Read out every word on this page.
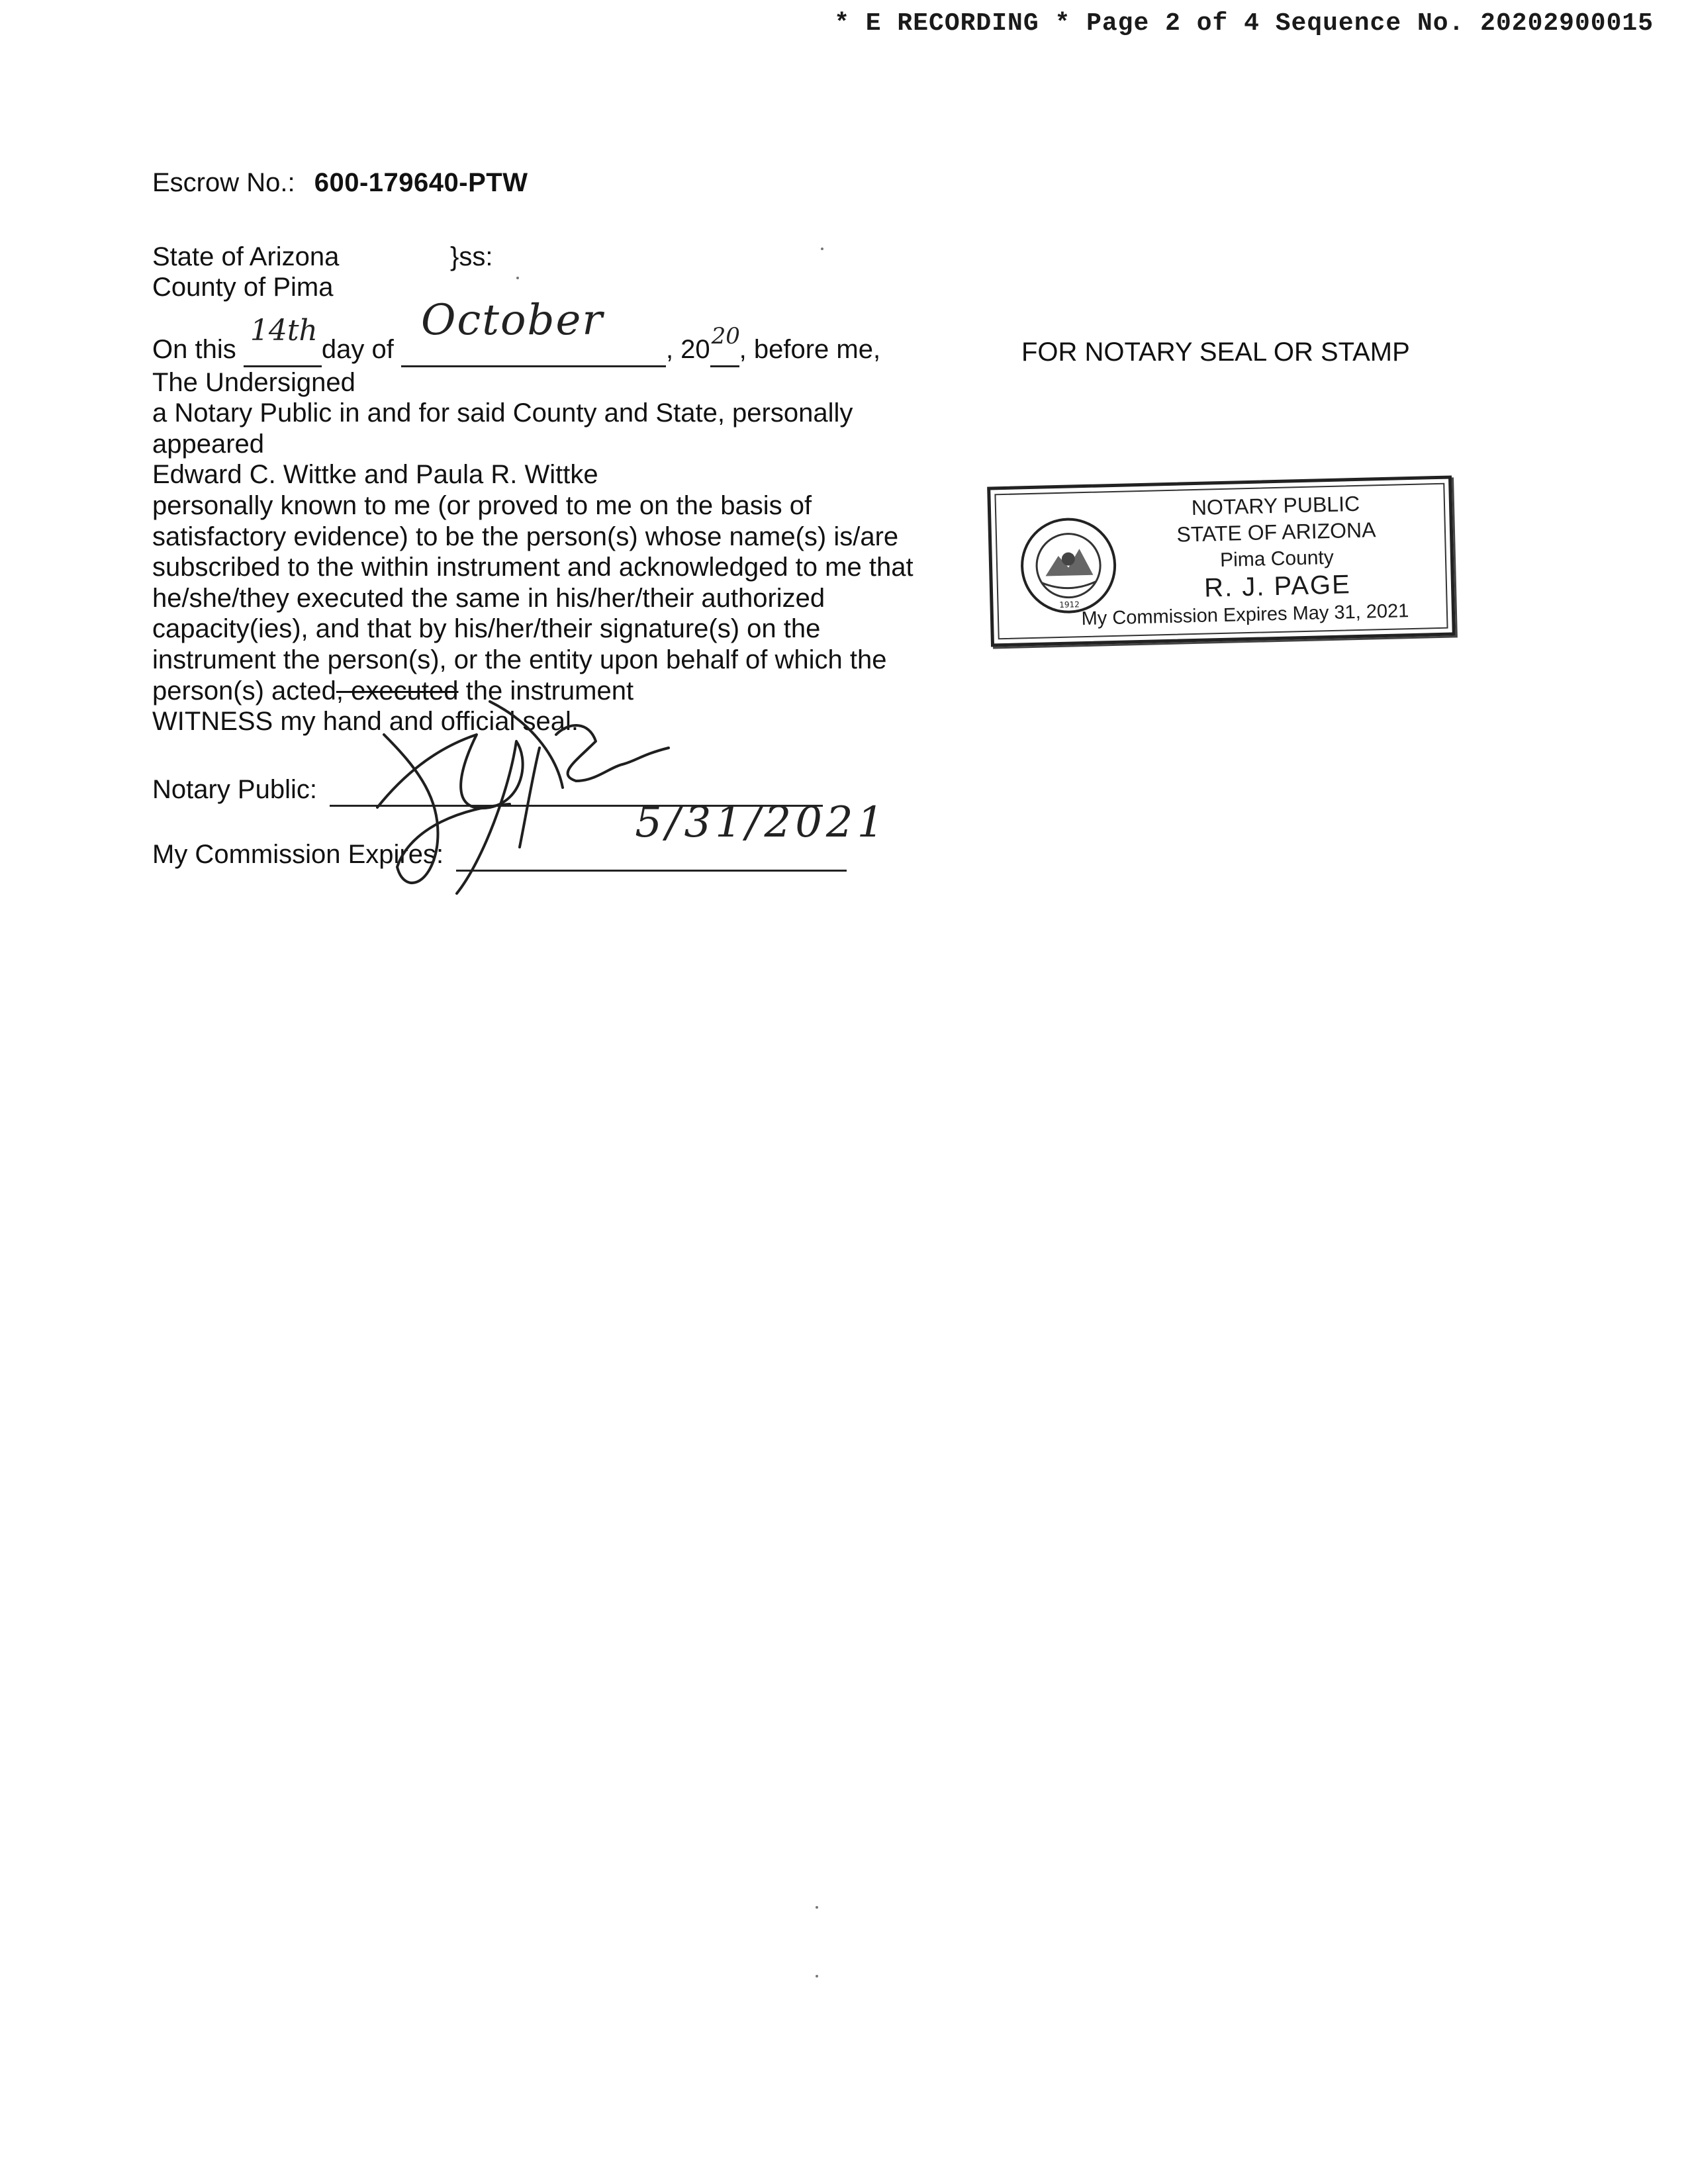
* E RECORDING * Page 2 of 4 Sequence No. 20202900015
Escrow No.: 600-179640-PTW
State of Arizona	}ss:
County of Pima
On this
14th
day of
October
, 20 20
, before me,
The Undersigned
a Notary Public in and for said County and State, personally
appeared
Edward C. Wittke and Paula R. Wittke
personally known to me (or proved to me on the basis of
satisfactory evidence) to be the person(s) whose name(s) is/are
subscribed to the within instrument and acknowledged to me that
he/she/they executed the same in his/her/their authorized
capacity(ies), and that by his/her/their signature(s) on the
instrument the person(s), or the entity upon behalf of which the
person(s) acted, executed the instrument
WITNESS my hand and official seal.
Notary Public:
My Commission Expires:
5/31/2021

FOR NOTARY SEAL OR STAMP
1912
NOTARY PUBLIC
STATE OF ARIZONA
Pima County
R. J. PAGE
My Commission Expires May 31, 2021
